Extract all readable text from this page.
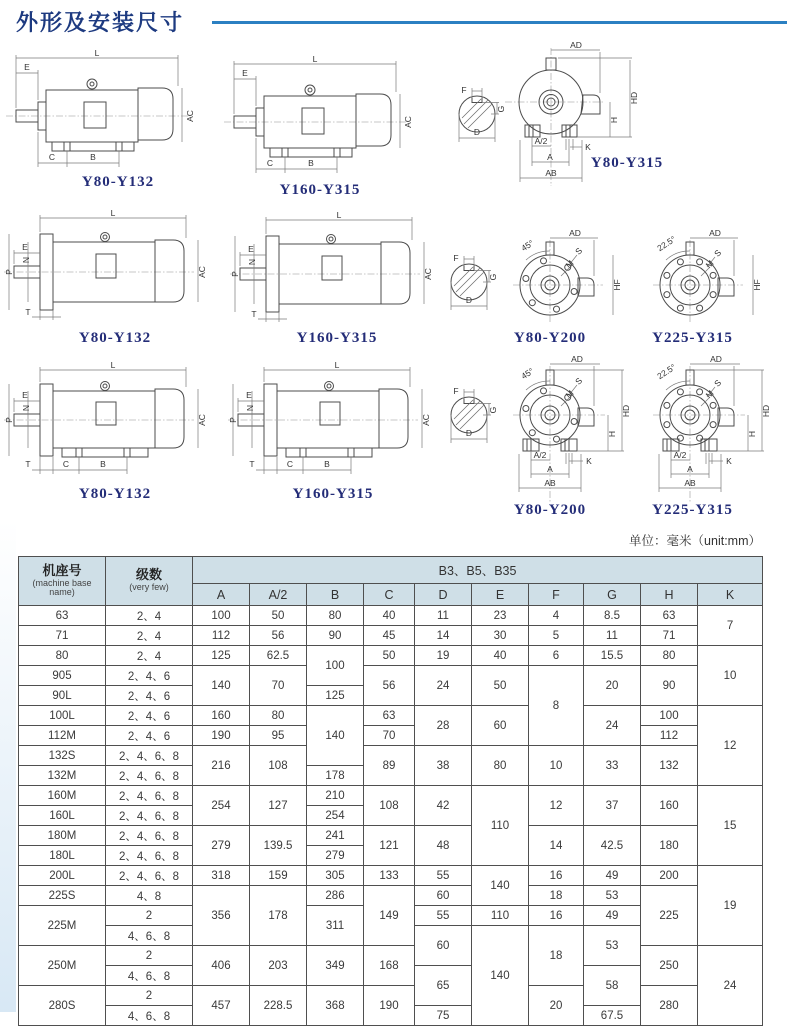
外形及安装尺寸
L
E
AC
C	B
Y80-Y132
L
E
AC
C	B
Y160-Y315
F
G
D
AD
HD
H
A/2
K
A
AB
Y80-Y315
L
E
P
N
AC
T
Y80-Y132
L
E
P
N
AC
T
Y160-Y315
F
G
D
AD
45°	S
M
HF
Y80-Y200
AD
22.5°
S
M
HF
Y225-Y315
L
E
P
N
AC
T	C	B
Y80-Y132
L
E
P
N
AC
T	C	B
Y160-Y315
F
G
D
AD
45°	S
M
HD
H
A/2
K
A
AB
Y80-Y200
AD
22.5°
S
M
HD
H
A/2
K
A
AB
Y225-Y315
单位：毫米（unit:mm）
机座号
(machine base name)

级数
(very few)
	B3、B5、B35
		A	A/2	B	C	D	E	F	G	H	K
63	2、4	100	50	80	40	11	23	4	8.5	63	7
71	2、4	112	56	90	45	14	30	5	11	71	
80	2、4	125	62.5	100	50	19	40	6	15.5	80	10
905	2、4、6	140	70		56	24	50	8	20	90	
90L	2、4、6			125							
100L	2、4、6	160	80	140	63	28	60		24	100	12
112M	2、4、6	190	95		70					112	
132S	2、4、6、8	216	108		89	38	80	10	33	132	
132M	2、4、6、8			178							
160M	2、4、6、8	254	127	210	108	42	110	12	37	160	15
160L	2、4、6、8			254							
180M	2、4、6、8	279	139.5	241	121	48		14	42.5	180	
180L	2、4、6、8			279							
200L	2、4、6、8	318	159	305	133	55	140	16	49	200	19
225S	4、8	356	178	286	149	60		18	53	225	
225M	2			311		55	110	16	49		
	4、6、8					60	140	18	53		
250M	2	406	203	349	168					250	24
	4、6、8					65			58		
280S	2	457	228.5	368	190			20		280	
	4、6、8					75			67.5		
